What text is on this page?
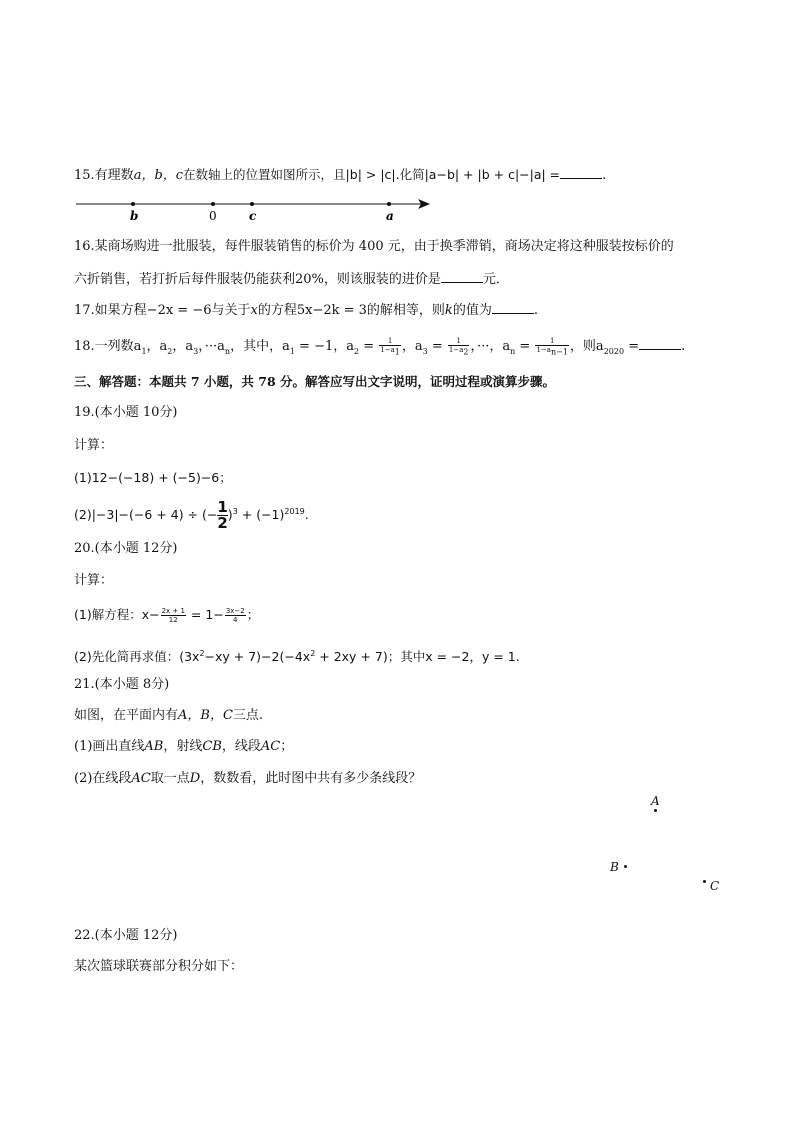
15.有理数a，b，c在数轴上的位置如图所示，且|b| > |c|.化简|a−b| + |b + c|−|a| =	.
b	0	c	a
16.某商场购进一批服装，每件服装销售的标价为 400 元，由于换季滞销，商场决定将这种服装按标价的
六折销售，若打折后每件服装仍能获利20%，则该服装的进价是	元．
17.如果方程−2x = −6与关于x的方程5x−2k = 3的解相等，则k的值为	.
18.一列数$a_1$，$a_2$，$a_3$，$\cdot\cdot\cdot a_n$，其中，$a_1 = -1$，$a_2 = \frac{1}{1-a_1}$ ，$a_3 = \frac{1}{1-a_2}$ ，···，$a_n = \frac{1}{1-a_{n-1}}$ ，则$a_{2020}$ =	.
三、解答题：本题共 7 小题，共 78 分。解答应写出文字说明，证明过程或演算步骤。
19.(本小题 10分)
计算：
(1)12−(−18) + (−5)−6；
(2)|−3|−(−6 + 4) ÷ (− $\frac{1}{2})^3 + (-1)^{2019}$.
20.(本小题 12分)
计算：
(1)解方程：$x- \frac{2x + 1}{12} = 1- \frac{3x-2}{4}$ ；
(2)先化简再求值：$(3x^2-xy + 7)-2(-4x^2 + 2xy + 7)$；其中x = −2，y = 1.
21.(本小题 8分)
如图，在平面内有A，B，C三点.
(1)画出直线AB，射线CB，线段AC；
(2)在线段AC取一点D，数数看，此时图中共有多少条线段？
A
B
C
22.(本小题 12分)
某次篮球联赛部分积分如下：
